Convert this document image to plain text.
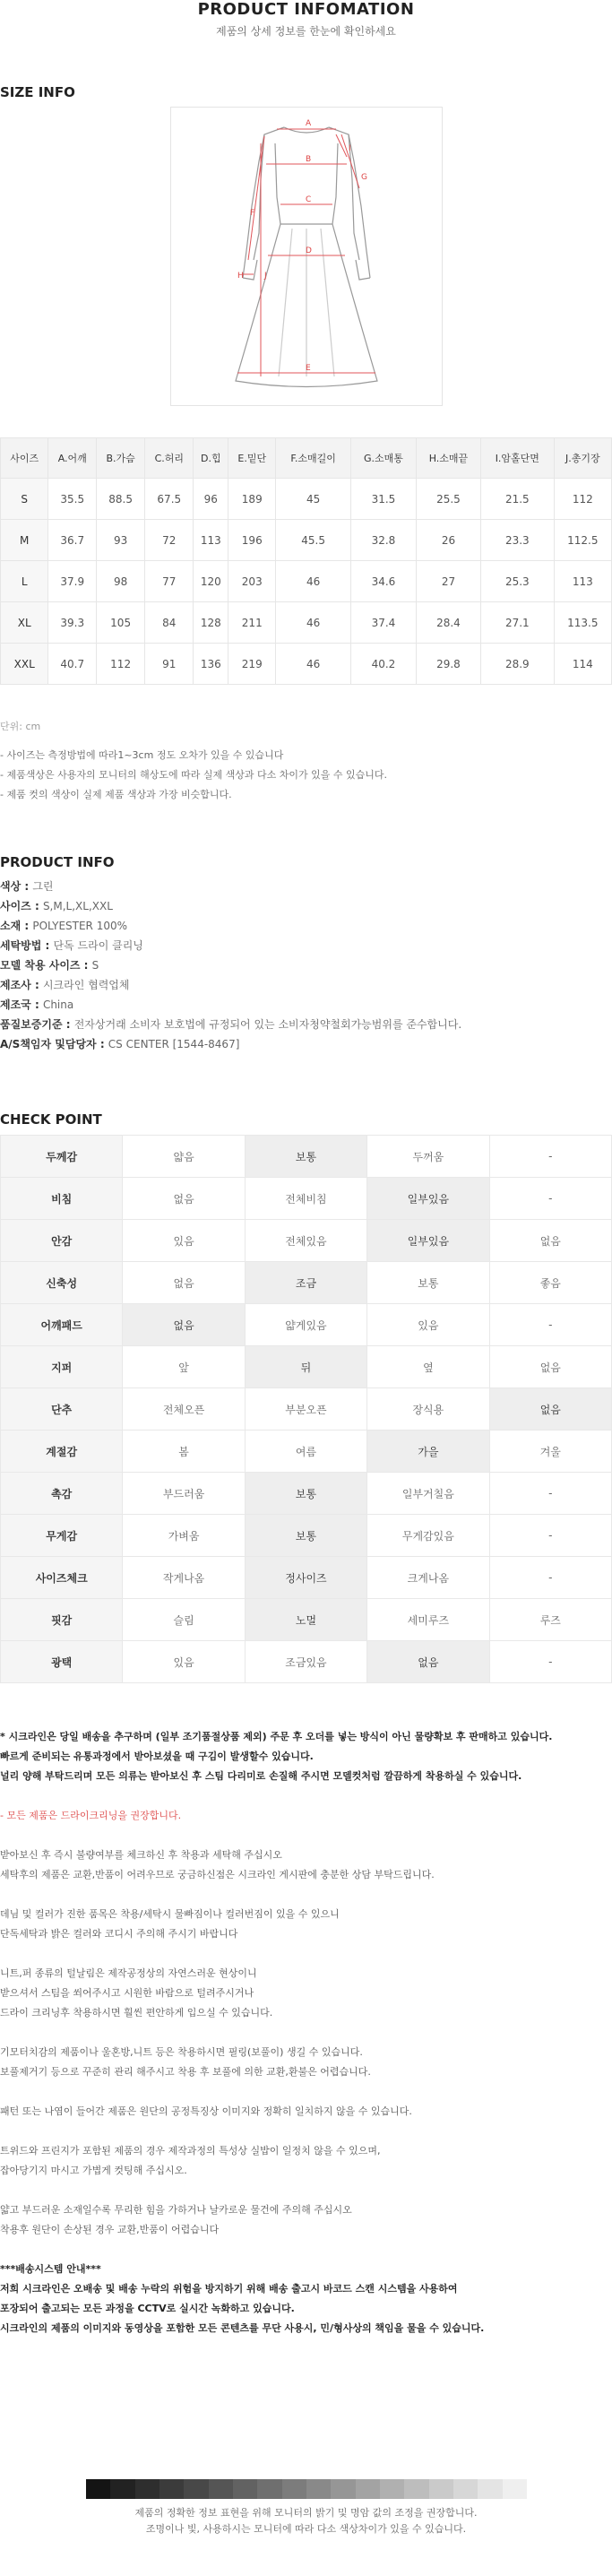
PRODUCT INFOMATION
제품의 상세 정보를 한눈에 확인하세요
SIZE INFO
A
B
C
D
E
F
G
H
I
J
사이즈	A.어깨	B.가슴	C.허리	D.힙	E.밑단	F.소매길이	G.소매통	H.소매끝	I.암홀단면	J.총기장
S	35.5	88.5	67.5	96	189	45	31.5	25.5	21.5	112
M	36.7	93	72	113	196	45.5	32.8	26	23.3	112.5
L	37.9	98	77	120	203	46	34.6	27	25.3	113
XL	39.3	105	84	128	211	46	37.4	28.4	27.1	113.5
XXL	40.7	112	91	136	219	46	40.2	29.8	28.9	114
단위: cm
- 사이즈는 측정방법에 따라1~3cm 정도 오차가 있을 수 있습니다
- 제품색상은 사용자의 모니터의 해상도에 따라 실제 색상과 다소 차이가 있을 수 있습니다.
- 제품 컷의 색상이 실제 제품 색상과 가장 비슷합니다.
PRODUCT INFO
색상 : 그린
사이즈 : S,M,L,XL,XXL
소재 : POLYESTER 100%
세탁방법 : 단독 드라이 클리닝
모델 착용 사이즈 : S
제조사 : 시크라인 협력업체
제조국 : China
품질보증기준 : 전자상거래 소비자 보호법에 규정되어 있는 소비자청약철회가능범위를 준수합니다.
A/S책임자 및담당자 : CS CENTER [1544-8467]
CHECK POINT
두께감	얇음	보통	두꺼움	-
비침	없음	전체비침	일부있음	-
안감	있음	전체있음	일부있음	없음
신축성	없음	조금	보통	좋음
어깨패드	없음	얇게있음	있음	-
지퍼	앞	뒤	옆	없음
단추	전체오픈	부분오픈	장식용	없음
계절감	봄	여름	가을	겨울
촉감	부드러움	보통	일부거칠음	-
무게감	가벼움	보통	무게감있음	-
사이즈체크	작게나옴	정사이즈	크게나옴	-
핏감	슬림	노멀	세미루즈	루즈
광택	있음	조금있음	없음	-
* 시크라인은 당일 배송을 추구하며 (일부 조기품절상품 제외) 주문 후 오더를 넣는 방식이 아닌 물량확보 후 판매하고 있습니다.
빠르게 준비되는 유통과정에서 받아보셨을 때 구김이 발생할수 있습니다.
널리 양해 부탁드리며 모든 의류는 받아보신 후 스팀 다리미로 손질해 주시면 모델컷처럼 깔끔하게 착용하실 수 있습니다.
- 모든 제품은 드라이크리닝을 권장합니다.
받아보신 후 즉시 불량여부를 체크하신 후 착용과 세탁해 주십시오
세탁후의 제품은 교환,반품이 어려우므로 궁금하신점은 시크라인 게시판에 충분한 상담 부탁드립니다.
데님 및 컬러가 진한 품목은 착용/세탁시 물빠짐이나 컬러번짐이 있을 수 있으니
단독세탁과 밝은 컬러와 코디시 주의해 주시기 바랍니다
니트,퍼 종류의 털날림은 제작공정상의 자연스러운 현상이니
받으셔서 스팀을 쐬어주시고 시원한 바람으로 털려주시거나
드라이 크리닝후 착용하시면 훨씬 편안하게 입으실 수 있습니다.
기모터치감의 제품이나 울혼방,니트 등은 착용하시면 필링(보풀이) 생길 수 있습니다.
보풀제거기 등으로 꾸준히 관리 해주시고 착용 후 보풀에 의한 교환,환불은 어렵습니다.
패턴 또는 나염이 들어간 제품은 원단의 공정특징상 이미지와 정확히 일치하지 않을 수 있습니다.
트위드와 프린지가 포함된 제품의 경우 제작과정의 특성상 실밥이 일정치 않을 수 있으며,
잡아당기지 마시고 가볍게 컷팅해 주십시오.
얇고 부드러운 소재일수록 무리한 힘을 가하거나 날카로운 물건에 주의해 주십시오
착용후 원단이 손상된 경우 교환,반품이 어렵습니다
***배송시스템 안내***
저희 시크라인은 오배송 및 배송 누락의 위험을 방지하기 위해 배송 출고시 바코드 스캔 시스템을 사용하여
포장되어 출고되는 모든 과정을 CCTV로 실시간 녹화하고 있습니다.
시크라인의 제품의 이미지와 동영상을 포함한 모든 콘텐츠를 무단 사용시, 민/형사상의 책임을 물을 수 있습니다.
제품의 정확한 정보 표현을 위해 모니터의 밝기 및 명암 값의 조정을 권장합니다.
조명이나 빛, 사용하시는 모니터에 따라 다소 색상차이가 있을 수 있습니다.
